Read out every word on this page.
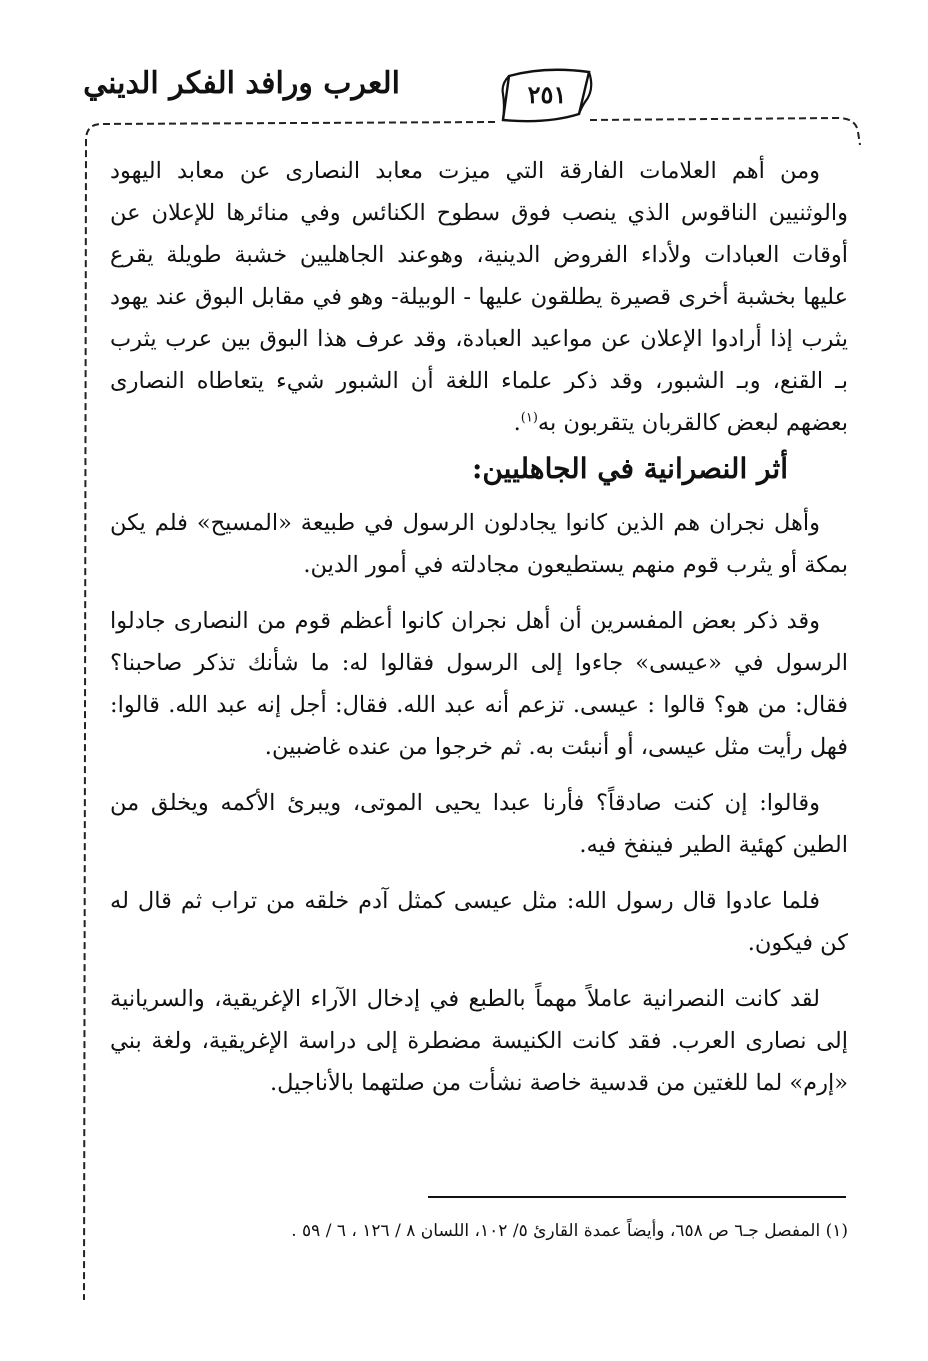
العرب ورافد الفكر الديني	٢٥١

ومن أهم العلامات الفارقة التي ميزت معابد النصارى عن معابد اليهود والوثنيين الناقوس الذي ينصب فوق سطوح الكنائس وفي منائرها للإعلان عن أوقات العبادات ولأداء الفروض الدينية، وهوعند الجاهليين خشبة طويلة يقرع عليها بخشبة أخرى قصيرة يطلقون عليها - الوبيلة- وهو في مقابل البوق عند يهود يثرب إذا أرادوا الإعلان عن مواعيد العبادة، وقد عرف هذا البوق بين عرب يثرب بـ القنع، وبـ الشبور، وقد ذكر علماء اللغة أن الشبور شيء يتعاطاه النصارى بعضهم لبعض كالقربان يتقربون به$^{(١)}$.

أثر النصرانية في الجاهليين:

وأهل نجران هم الذين كانوا يجادلون الرسول في طبيعة «المسيح» فلم يكن بمكة أو يثرب قوم منهم يستطيعون مجادلته في أمور الدين.

وقد ذكر بعض المفسرين أن أهل نجران كانوا أعظم قوم من النصارى جادلوا الرسول في «عيسى» جاءوا إلى الرسول فقالوا له: ما شأنك تذكر صاحبنا؟ فقال: من هو؟ قالوا : عيسى. تزعم أنه عبد الله. فقال: أجل إنه عبد الله. قالوا: فهل رأيت مثل عيسى، أو أنبئت به. ثم خرجوا من عنده غاضبين.

وقالوا: إن كنت صادقاً؟ فأرنا عبدا يحيى الموتى، ويبرئ الأكمه ويخلق من الطين كهئية الطير فينفخ فيه.

فلما عادوا قال رسول الله: مثل عيسى كمثل آدم خلقه من تراب ثم قال له كن فيكون.

لقد كانت النصرانية عاملاً مهماً بالطبع في إدخال الآراء الإغريقية، والسريانية إلى نصارى العرب. فقد كانت الكنيسة مضطرة إلى دراسة الإغريقية، ولغة بني «إرم» لما للغتين من قدسية خاصة نشأت من صلتهما بالأناجيل.

(١) المفصل جـ٦ ص ٦٥٨، وأيضاً عمدة القارئ ٥/ ١٠٢، اللسان ٨ / ١٢٦ ، ٦ / ٥٩ .
